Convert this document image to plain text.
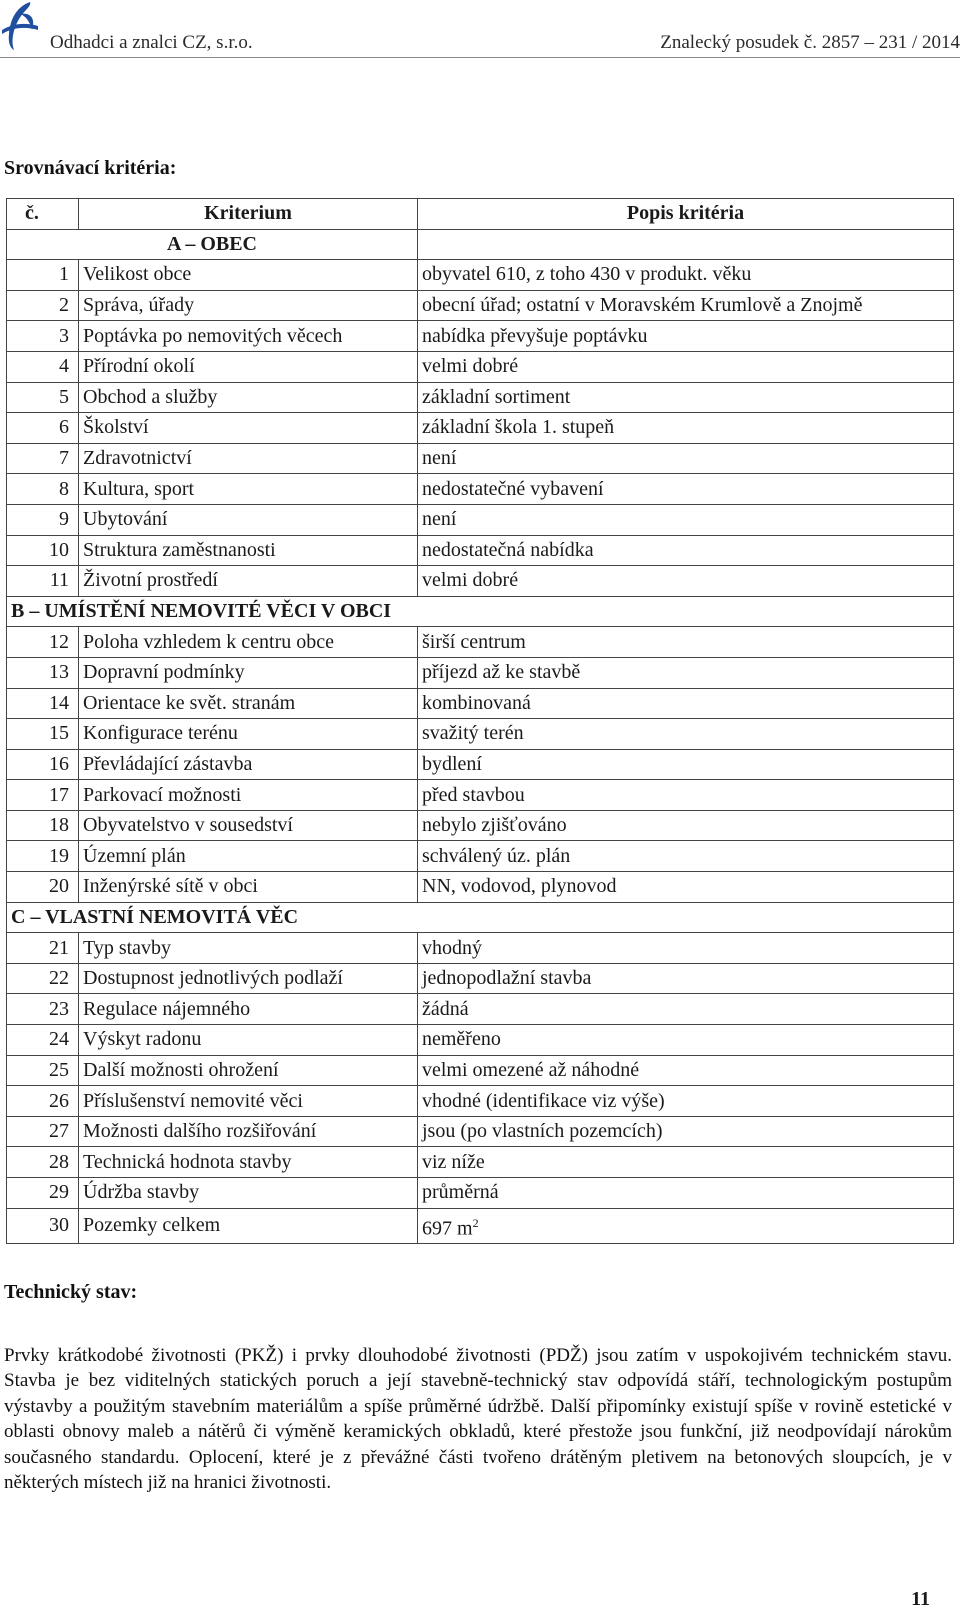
Odhadci a znalci CZ, s.r.o.	Znalecký posudek č. 2857 – 231 / 2014
Srovnávací kritéria:
č.	Kriterium	Popis kritéria
A – OBEC		
1	Velikost obce	obyvatel 610, z toho 430 v produkt. věku
2	Správa, úřady	obecní úřad; ostatní v Moravském Krumlově a Znojmě
3	Poptávka po nemovitých věcech	nabídka převyšuje poptávku
4	Přírodní okolí	velmi dobré
5	Obchod a služby	základní sortiment
6	Školství	základní škola 1. stupeň
7	Zdravotnictví	není
8	Kultura, sport	nedostatečné vybavení
9	Ubytování	není
10	Struktura zaměstnanosti	nedostatečná nabídka
11	Životní prostředí	velmi dobré
B – UMÍSTĚNÍ NEMOVITÉ VĚCI V OBCI		
12	Poloha vzhledem k centru obce	širší centrum
13	Dopravní podmínky	příjezd až ke stavbě
14	Orientace ke svět. stranám	kombinovaná
15	Konfigurace terénu	svažitý terén
16	Převládající zástavba	bydlení
17	Parkovací možnosti	před stavbou
18	Obyvatelstvo v sousedství	nebylo zjišťováno
19	Územní plán	schválený úz. plán
20	Inženýrské sítě v obci	NN, vodovod, plynovod
C – VLASTNÍ NEMOVITÁ VĚC		
21	Typ stavby	vhodný
22	Dostupnost jednotlivých podlaží	jednopodlažní stavba
23	Regulace nájemného	žádná
24	Výskyt radonu	neměřeno
25	Další možnosti ohrožení	velmi omezené až náhodné
26	Příslušenství nemovité věci	vhodné (identifikace viz výše)
27	Možnosti dalšího rozšiřování	jsou (po vlastních pozemcích)
28	Technická hodnota stavby	viz níže
29	Údržba stavby	průměrná
30	Pozemky celkem	697 $m^2$
Technický stav:
Prvky krátkodobé životnosti (PKŽ) i prvky dlouhodobé životnosti (PDŽ) jsou zatím v uspokojivém technickém stavu. Stavba je bez viditelných statických poruch a její stavebně-technický stav odpovídá stáří, technologickým postupům výstavby a použitým stavebním materiálům a spíše průměrné údržbě. Další připomínky existují spíše v rovině estetické v oblasti obnovy maleb a nátěrů či výměně keramických obkladů, které přestože jsou funkční, již neodpovídají nárokům současného standardu. Oplocení, které je z převážné části tvořeno drátěným pletivem na betonových sloupcích, je v některých místech již na hranici životnosti.
11
